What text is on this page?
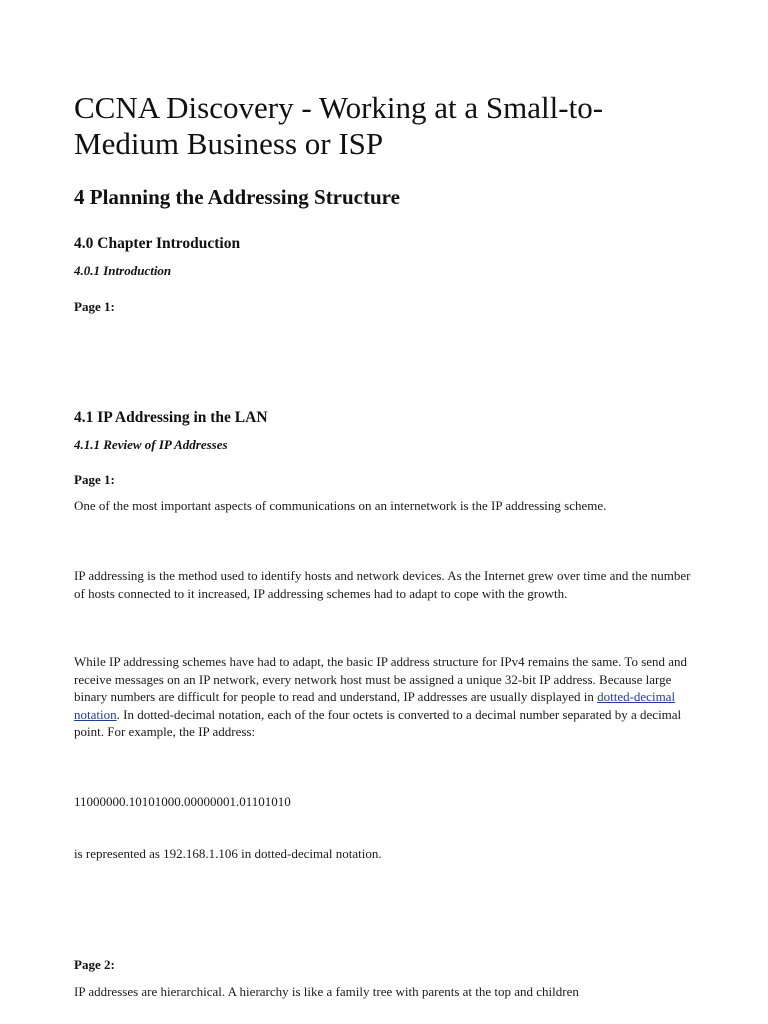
CCNA Discovery - Working at a Small-to-Medium Business or ISP
4 Planning the Addressing Structure
4.0 Chapter Introduction
4.0.1 Introduction

Page 1:

4.1 IP Addressing in the LAN
4.1.1 Review of IP Addresses

Page 1:

One of the most important aspects of communications on an internetwork is the IP addressing scheme.

IP addressing is the method used to identify hosts and network devices. As the Internet grew over time and the number of hosts connected to it increased, IP addressing schemes had to adapt to cope with the growth.

While IP addressing schemes have had to adapt, the basic IP address structure for IPv4 remains the same. To send and receive messages on an IP network, every network host must be assigned a unique 32-bit IP address. Because large binary numbers are difficult for people to read and understand, IP addresses are usually displayed in dotted-decimal notation. In dotted-decimal notation, each of the four octets is converted to a decimal number separated by a decimal point. For example, the IP address:

11000000.10101000.00000001.01101010

is represented as 192.168.1.106 in dotted-decimal notation.

Page 2:

IP addresses are hierarchical. A hierarchy is like a family tree with parents at the top and children
